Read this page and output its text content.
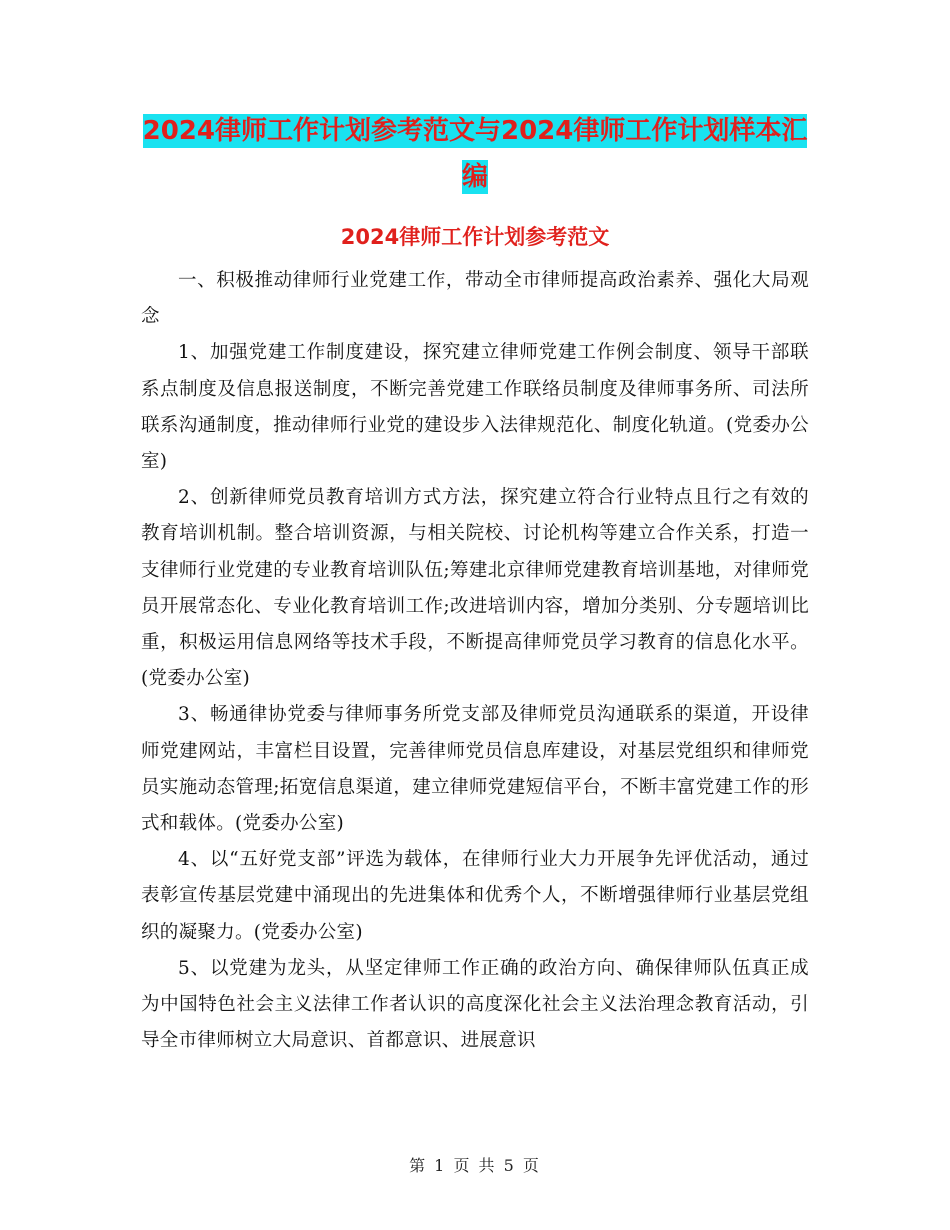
2024律师工作计划参考范文与2024律师工作计划样本汇编
2024律师工作计划参考范文

一、积极推动律师行业党建工作，带动全市律师提高政治素养、强化大局观念

1、加强党建工作制度建设，探究建立律师党建工作例会制度、领导干部联系点制度及信息报送制度，不断完善党建工作联络员制度及律师事务所、司法所联系沟通制度，推动律师行业党的建设步入法律规范化、制度化轨道。(党委办公室)

2、创新律师党员教育培训方式方法，探究建立符合行业特点且行之有效的教育培训机制。整合培训资源，与相关院校、讨论机构等建立合作关系，打造一支律师行业党建的专业教育培训队伍;筹建北京律师党建教育培训基地，对律师党员开展常态化、专业化教育培训工作;改进培训内容，增加分类别、分专题培训比重，积极运用信息网络等技术手段，不断提高律师党员学习教育的信息化水平。(党委办公室)

3、畅通律协党委与律师事务所党支部及律师党员沟通联系的渠道，开设律师党建网站，丰富栏目设置，完善律师党员信息库建设，对基层党组织和律师党员实施动态管理;拓宽信息渠道，建立律师党建短信平台，不断丰富党建工作的形式和载体。(党委办公室)

4、以“五好党支部”评选为载体，在律师行业大力开展争先评优活动，通过表彰宣传基层党建中涌现出的先进集体和优秀个人，不断增强律师行业基层党组织的凝聚力。(党委办公室)

5、以党建为龙头，从坚定律师工作正确的政治方向、确保律师队伍真正成为中国特色社会主义法律工作者认识的高度深化社会主义法治理念教育活动，引导全市律师树立大局意识、首都意识、进展意识

第 1 页 共 5 页
